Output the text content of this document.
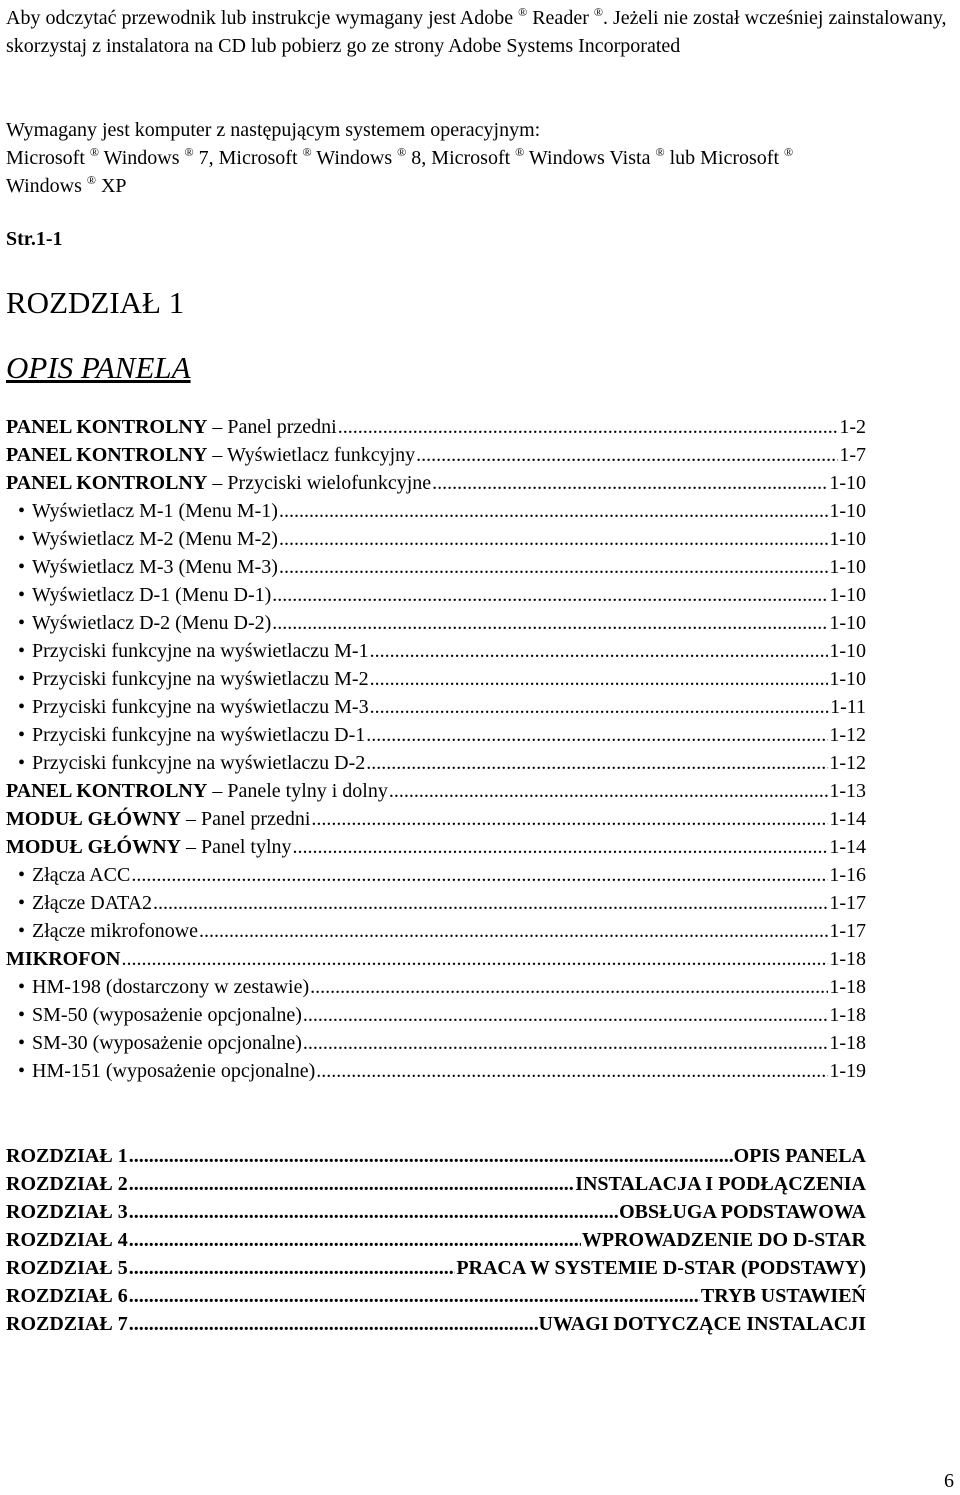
Aby odczytać przewodnik lub instrukcje wymagany jest Adobe ® Reader ®. Jeżeli nie został wcześniej zainstalowany, skorzystaj z instalatora na CD lub pobierz go ze strony Adobe Systems Incorporated

Wymagany jest komputer z następującym systemem operacyjnym:
Microsoft ® Windows ® 7, Microsoft ® Windows ® 8, Microsoft ® Windows Vista ® lub Microsoft ®
Windows ® XP

Str.1-1

ROZDZIAŁ 1
OPIS PANELA
PANEL KONTROLNY – Panel przedni .....	1-2
PANEL KONTROLNY – Wyświetlacz funkcyjny .....	1-7
PANEL KONTROLNY – Przyciski wielofunkcyjne .....	1-10
• Wyświetlacz M-1 (Menu M-1) .....	1-10
• Wyświetlacz M-2 (Menu M-2) .....	1-10
• Wyświetlacz M-3 (Menu M-3) .....	1-10
• Wyświetlacz D-1 (Menu D-1) .....	1-10
• Wyświetlacz D-2 (Menu D-2) .....	1-10
• Przyciski funkcyjne na wyświetlaczu M-1 .....	1-10
• Przyciski funkcyjne na wyświetlaczu M-2 .....	1-10
• Przyciski funkcyjne na wyświetlaczu M-3 .....	1-11
• Przyciski funkcyjne na wyświetlaczu D-1 .....	1-12
• Przyciski funkcyjne na wyświetlaczu D-2 .....	1-12
PANEL KONTROLNY – Panele tylny i dolny .....	1-13
MODUŁ GŁÓWNY – Panel przedni .....	1-14
MODUŁ GŁÓWNY – Panel tylny .....	1-14
• Złącza ACC .....	1-16
• Złącze DATA2 .....	1-17
• Złącze mikrofonowe .....	1-17
MIKROFON .....	1-18
• HM-198 (dostarczony w zestawie) .....	1-18
• SM-50 (wyposażenie opcjonalne) .....	1-18
• SM-30 (wyposażenie opcjonalne) .....	1-18
• HM-151 (wyposażenie opcjonalne) .....	1-19
ROZDZIAŁ 1 .....	OPIS PANELA
ROZDZIAŁ 2 .....	INSTALACJA I PODŁĄCZENIA
ROZDZIAŁ 3 .....	OBSŁUGA PODSTAWOWA
ROZDZIAŁ 4 .....	WPROWADZENIE DO D-STAR
ROZDZIAŁ 5 .....	PRACA W SYSTEMIE D-STAR (PODSTAWY)
ROZDZIAŁ 6 .....	TRYB USTAWIEŃ
ROZDZIAŁ 7 .....	UWAGI DOTYCZĄCE INSTALACJI

6
